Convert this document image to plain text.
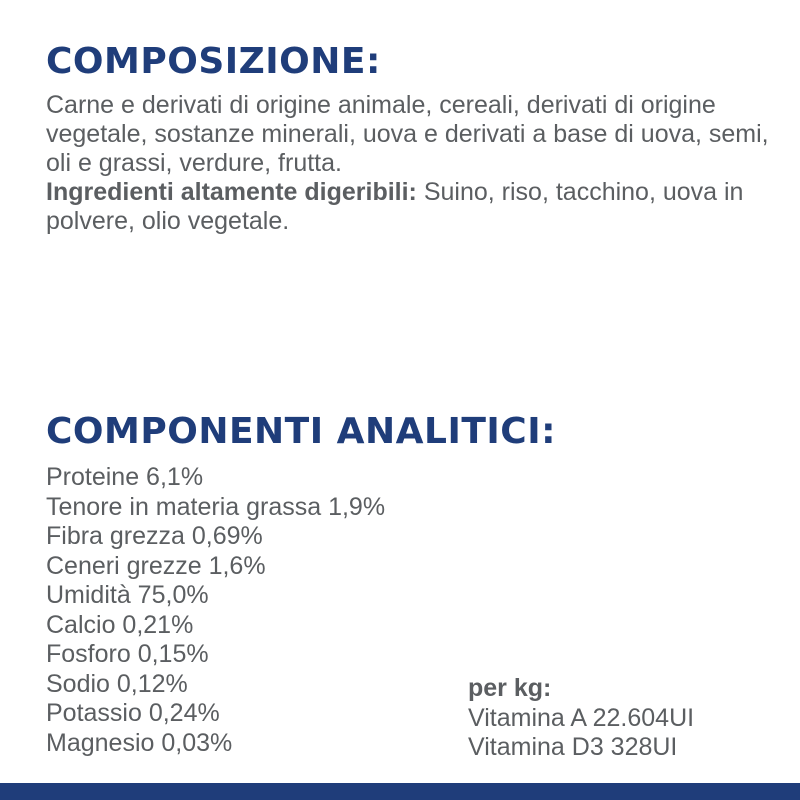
COMPOSIZIONE:

Carne e derivati di origine animale, cereali, derivati di origine vegetale, sostanze minerali, uova e derivati a base di uova, semi, oli e grassi, verdure, frutta.
Ingredienti altamente digeribili: Suino, riso, tacchino, uova in polvere, olio vegetale.

COMPONENTI ANALITICI:
Proteine 6,1%
Tenore in materia grassa 1,9%
Fibra grezza 0,69%
Ceneri grezze 1,6%
Umidità 75,0%
Calcio 0,21%
Fosforo 0,15%
Sodio 0,12%
Potassio 0,24%
Magnesio 0,03%
per kg:
Vitamina A 22.604UI
Vitamina D3 328UI
